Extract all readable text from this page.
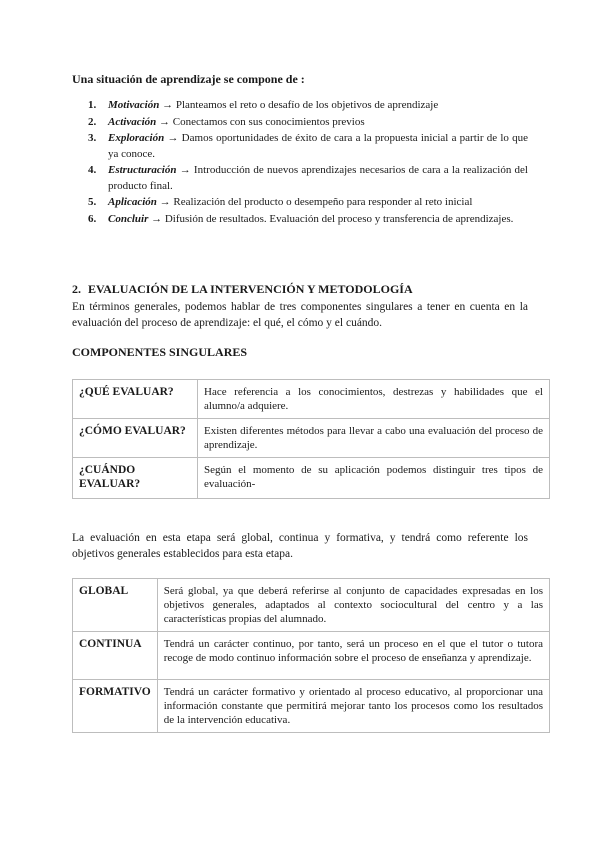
Una situación de aprendizaje se compone de :
1. Motivación → Planteamos el reto o desafío de los objetivos de aprendizaje
2. Activación → Conectamos con sus conocimientos previos
3. Exploración → Damos oportunidades de éxito de cara a la propuesta inicial a partir de lo que ya conoce.
4. Estructuración → Introducción de nuevos aprendizajes necesarios de cara a la realización del producto final.
5. Aplicación → Realización del producto o desempeño para responder al reto inicial
6. Concluir → Difusión de resultados. Evaluación del proceso y transferencia de aprendizajes.
2. EVALUACIÓN DE LA INTERVENCIÓN Y METODOLOGÍA
En términos generales, podemos hablar de tres componentes singulares a tener en cuenta en la evaluación del proceso de aprendizaje: el qué, el cómo y el cuándo.
COMPONENTES SINGULARES
¿QUÉ EVALUAR?	Hace referencia a los conocimientos, destrezas y habilidades que el alumno/a adquiere.
¿CÓMO EVALUAR?	Existen diferentes métodos para llevar a cabo una evaluación del proceso de aprendizaje.
¿CUÁNDO EVALUAR?	Según el momento de su aplicación podemos distinguir tres tipos de evaluación-
La evaluación en esta etapa será global, continua y formativa, y tendrá como referente los objetivos generales establecidos para esta etapa.
GLOBAL	Será global, ya que deberá referirse al conjunto de capacidades expresadas en los objetivos generales, adaptados al contexto sociocultural del centro y a las características propias del alumnado.
CONTINUA	Tendrá un carácter continuo, por tanto, será un proceso en el que el tutor o tutora recoge de modo continuo información sobre el proceso de enseñanza y aprendizaje.
FORMATIVO	Tendrá un carácter formativo y orientado al proceso educativo, al proporcionar una información constante que permitirá mejorar tanto los procesos como los resultados de la intervención educativa.
